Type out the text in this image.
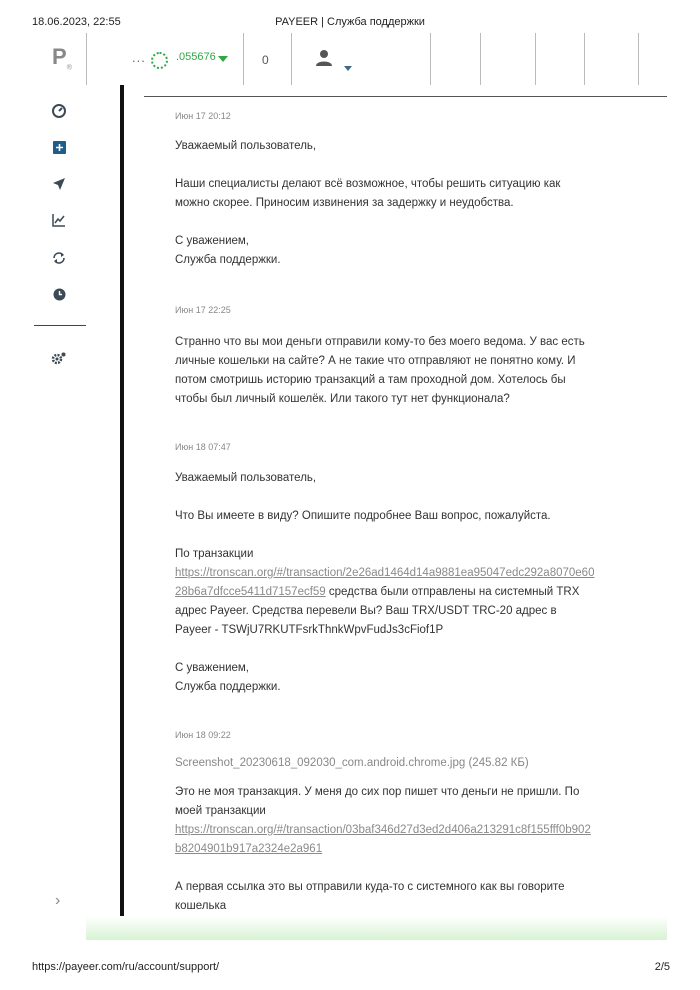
18.06.2023, 22:55	PAYEER | Служба поддержки
https://payeer.com/ru/account/support/	2/5
$P_®$
...	.055676	0
›
Июн 17 20:12

Уважаемый пользователь,

Наши специалисты делают всё возможное, чтобы решить ситуацию как можно скорее. Приносим извинения за задержку и неудобства.

С уважением,

Служба поддержки.

Июн 17 22:25

Странно что вы мои деньги отправили кому-то без моего ведома. У вас есть личные кошельки на сайте? А не такие что отправляют не понятно кому. И потом смотришь историю транзакций а там проходной дом. Хотелось бы чтобы был личный кошелёк. Или такого тут нет функционала?

Июн 18 07:47

Уважаемый пользователь,

Что Вы имеете в виду? Опишите подробнее Ваш вопрос, пожалуйста.

По транзакции

https://tronscan.org/#/transaction/2e26ad1464d14a9881ea95047edc292a8070e6028b6a7dfcce5411d7157ecf59 средства были отправлены на системный TRX адрес Payeer. Средства перевели Вы? Ваш TRX/USDT TRC-20 адрес в Payeer - TSWjU7RKUTFsrkThnkWpvFudJs3cFiof1P

С уважением,

Служба поддержки.

Июн 18 09:22

Screenshot_20230618_092030_com.android.chrome.jpg (245.82 КБ)

Это не моя транзакция. У меня до сих пор пишет что деньги не пришли. По моей транзакции

https://tronscan.org/#/transaction/03baf346d27d3ed2d406a213291c8f155fff0b902b8204901b917a2324e2a961

А первая ссылка это вы отправили куда-то с системного как вы говорите кошелька
